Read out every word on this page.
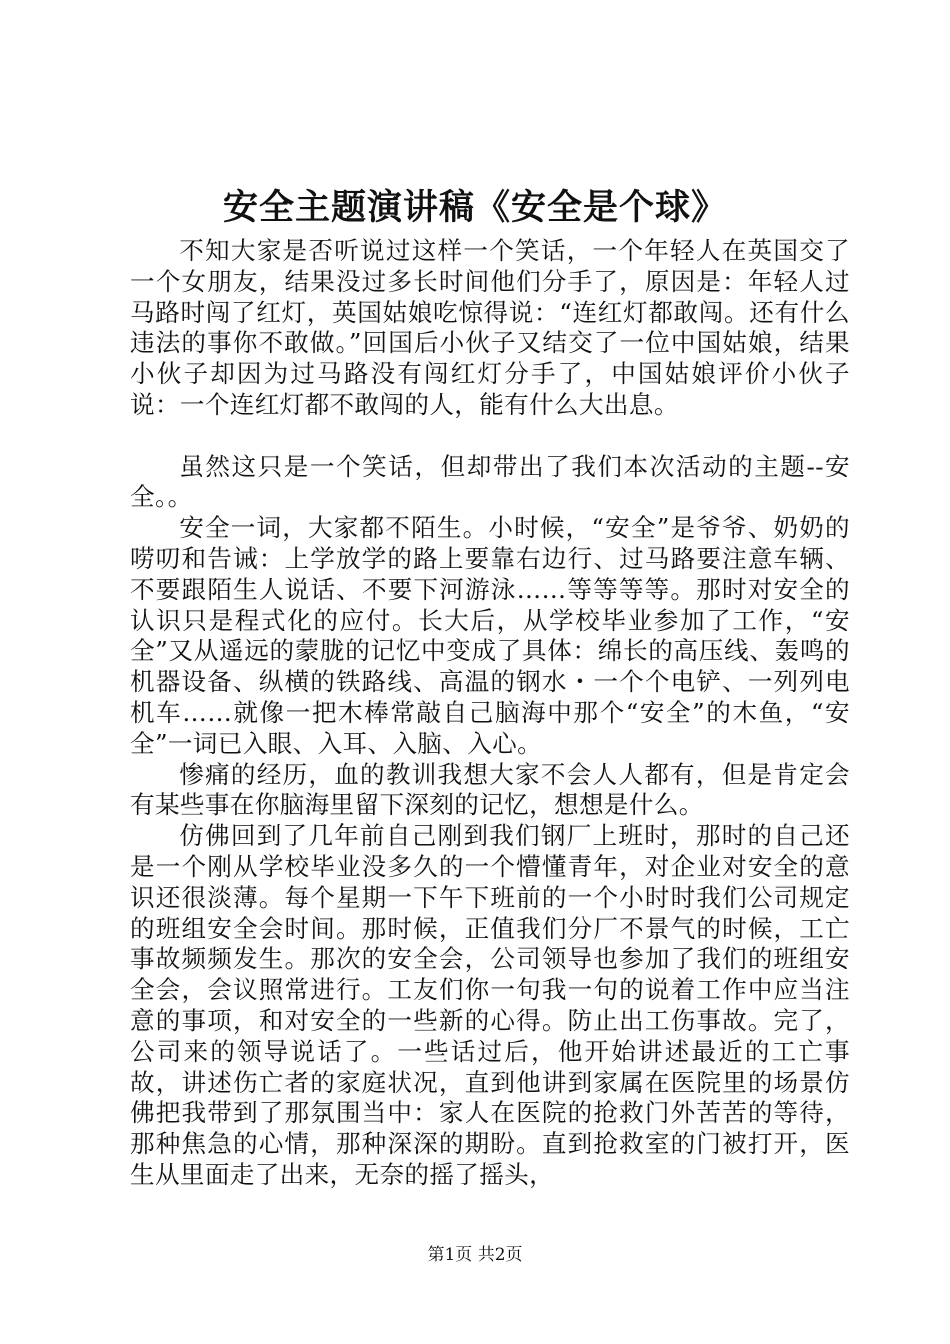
安全主题演讲稿《安全是个球》

不知大家是否听说过这样一个笑话，一个年轻人在英国交了一个女朋友，结果没过多长时间他们分手了，原因是：年轻人过马路时闯了红灯，英国姑娘吃惊得说：“连红灯都敢闯。还有什么违法的事你不敢做。”回国后小伙子又结交了一位中国姑娘，结果小伙子却因为过马路没有闯红灯分手了，中国姑娘评价小伙子说：一个连红灯都不敢闯的人，能有什么大出息。

虽然这只是一个笑话，但却带出了我们本次活动的主题--安全。。

安全一词，大家都不陌生。小时候，“安全”是爷爷、奶奶的唠叨和告诫：上学放学的路上要靠右边行、过马路要注意车辆、不要跟陌生人说话、不要下河游泳……等等等等。那时对安全的认识只是程式化的应付。长大后，从学校毕业参加了工作，“安全”又从遥远的蒙胧的记忆中变成了具体：绵长的高压线、轰鸣的机器设备、纵横的铁路线、高温的钢水・一个个电铲、一列列电机车……就像一把木棒常敲自己脑海中那个“安全”的木鱼，“安全”一词已入眼、入耳、入脑、入心。

惨痛的经历，血的教训我想大家不会人人都有，但是肯定会有某些事在你脑海里留下深刻的记忆，想想是什么。

仿佛回到了几年前自己刚到我们钢厂上班时，那时的自己还是一个刚从学校毕业没多久的一个懵懂青年，对企业对安全的意识还很淡薄。每个星期一下午下班前的一个小时时我们公司规定的班组安全会时间。那时候，正值我们分厂不景气的时候，工亡事故频频发生。那次的安全会，公司领导也参加了我们的班组安全会，会议照常进行。工友们你一句我一句的说着工作中应当注意的事项，和对安全的一些新的心得。防止出工伤事故。完了，公司来的领导说话了。一些话过后，他开始讲述最近的工亡事故，讲述伤亡者的家庭状况，直到他讲到家属在医院里的场景仿佛把我带到了那氛围当中：家人在医院的抢救门外苦苦的等待，那种焦急的心情，那种深深的期盼。直到抢救室的门被打开，医生从里面走了出来，无奈的摇了摇头，

第1页 共2页
